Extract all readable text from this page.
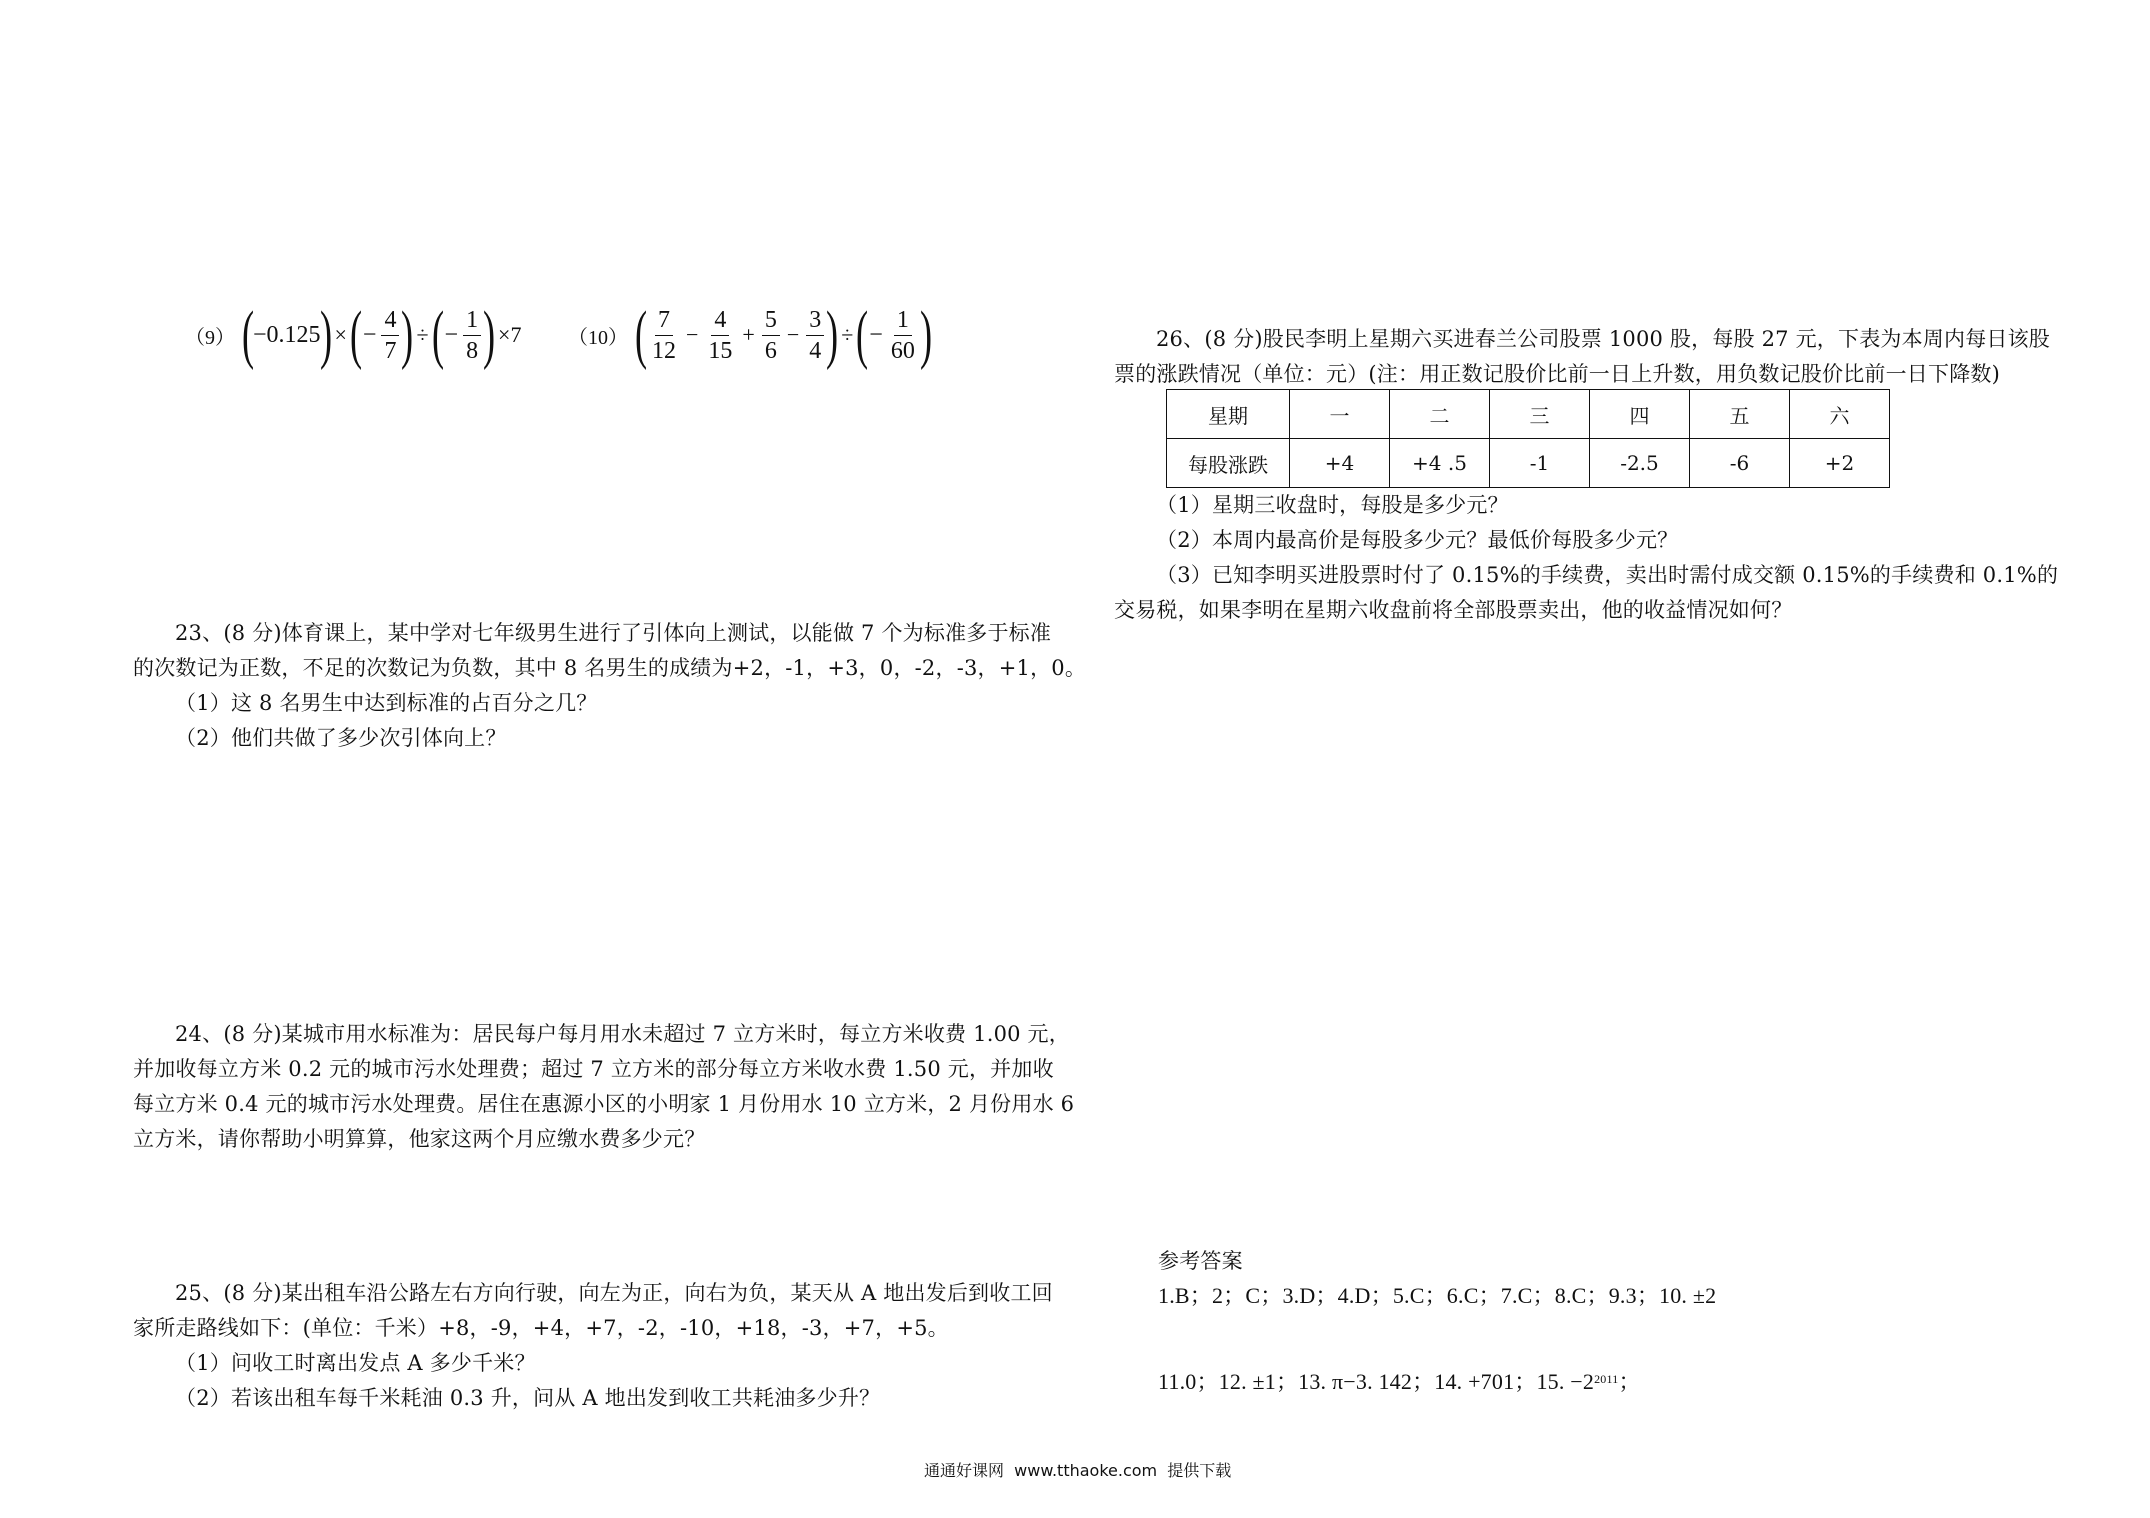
（9） (
−0.125
) × ( − $\frac{4}{7}$ ) ÷ ( − $\frac{1}{8}$ ) ×7 （10） ( $\frac{7}{12} - \frac{4}{15} + \frac{5}{6} - \frac{3}{4}$ ) ÷ ( − $\frac{1}{60}$ )
23、(8 分)体育课上，某中学对七年级男生进行了引体向上测试，以能做 7 个为标准多于标准
的次数记为正数，不足的次数记为负数，其中 8 名男生的成绩为+2，-1，+3，0，-2，-3，+1，0。
（1）这 8 名男生中达到标准的占百分之几？
（2）他们共做了多少次引体向上？
24、(8 分)某城市用水标准为：居民每户每月用水未超过 7 立方米时，每立方米收费 1.00 元，
并加收每立方米 0.2 元的城市污水处理费；超过 7 立方米的部分每立方米收水费 1.50 元，并加收
每立方米 0.4 元的城市污水处理费。居住在惠源小区的小明家 1 月份用水 10 立方米，2 月份用水 6
立方米，请你帮助小明算算，他家这两个月应缴水费多少元？
25、(8 分)某出租车沿公路左右方向行驶，向左为正，向右为负，某天从 A 地出发后到收工回
家所走路线如下：(单位：千米）+8，-9，+4，+7，-2，-10，+18，-3，+7，+5。
（1）问收工时离出发点 A 多少千米？
（2）若该出租车每千米耗油 0.3 升，问从 A 地出发到收工共耗油多少升？
26、(8 分)股民李明上星期六买进春兰公司股票 1000 股，每股 27 元，下表为本周内每日该股
票的涨跌情况（单位：元）(注：用正数记股价比前一日上升数，用负数记股价比前一日下降数)
星期	一	二	三	四	五	六
每股涨跌	+4	+4 .5	-1	-2.5	-6	+2
（1）星期三收盘时，每股是多少元？
（2）本周内最高价是每股多少元？最低价每股多少元？
（3）已知李明买进股票时付了 0.15%的手续费，卖出时需付成交额 0.15%的手续费和 0.1%的
交易税，如果李明在星期六收盘前将全部股票卖出，他的收益情况如何？
参考答案
1.B；2；C；3.D；4.D；5.C；6.C；7.C；8.C；9.3；10. ±2
11.0；12. ±1；13. π−3. 142；14. +701；15. $-2^{2011}$；
通通好课网  www.tthaoke.com  提供下载
